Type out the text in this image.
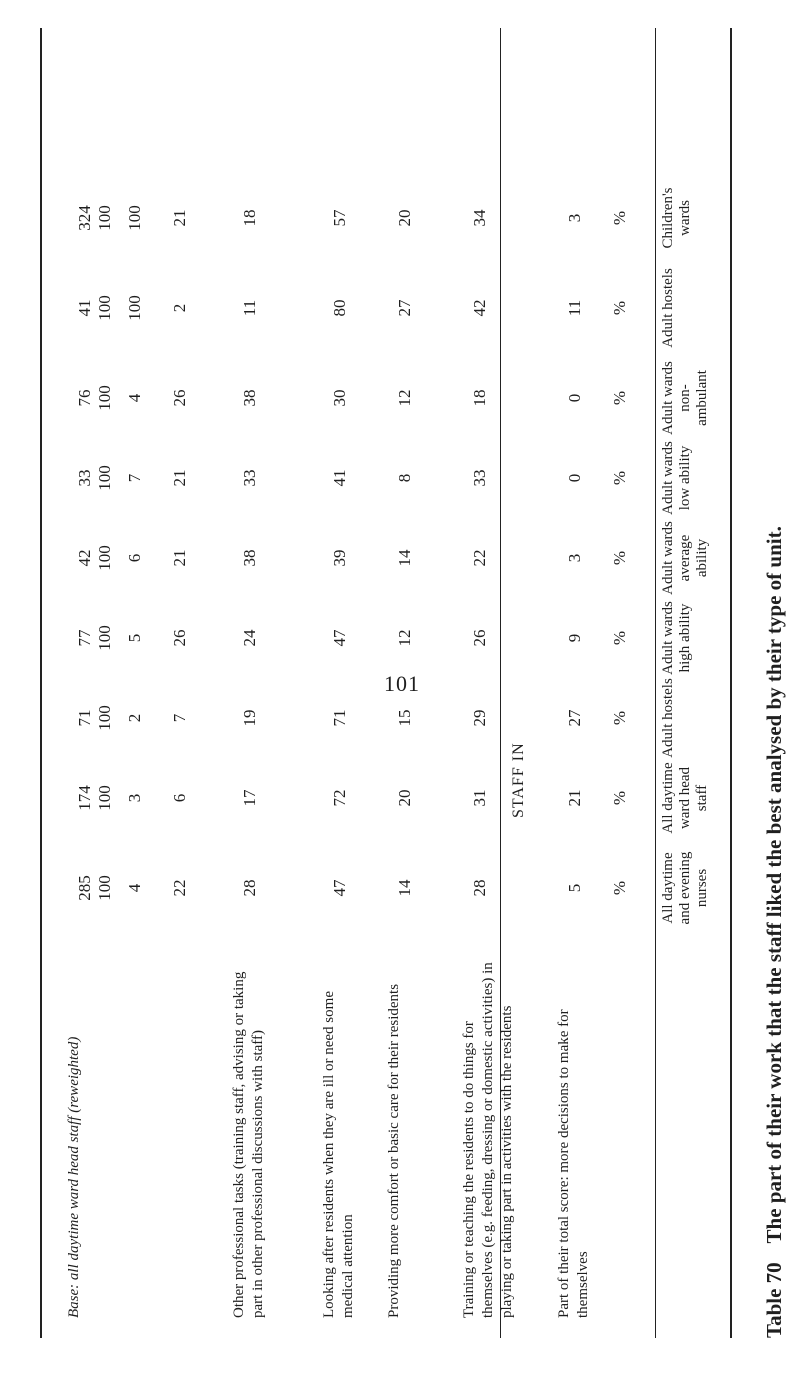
101
Table 70 The part of their work that the staff liked the best analysed by their type of unit.
STAFF IN
All daytime and evening nurses
All daytime ward head staff
Adult hostels
Adult wards high ability
Adult wards average ability
Adult wards low ability
Adult wards non-ambulant
Adult hostels
Children's wards
Part of their total score: more decisions to make for themselves
5
21
27
9
3
0
0
11
3
Training or teaching the residents to do things for themselves (e.g. feeding, dressing or domestic activities) in playing or taking part in activities with the residents
28
31
29
26
22
33
18
42
34
Providing more comfort or basic care for their residents
14
20
15
12
14
8
12
27
20
Looking after residents when they are ill or need some medical attention
47
72
71
47
39
41
30
80
57
Other professional tasks (training staff, advising or taking part in other professional discussions with staff)
28
17
19
24
38
33
38
11
18
22
6
7
26
21
21
26
2
21
4
3
2
5
6
7
4
100
100
Base: all daytime ward head staff (reweighted)
285
174
71
77
42
33
76
41
324
%
%
%
%
%
%
%
%
%
100
100
100
100
100
100
100
100
100
